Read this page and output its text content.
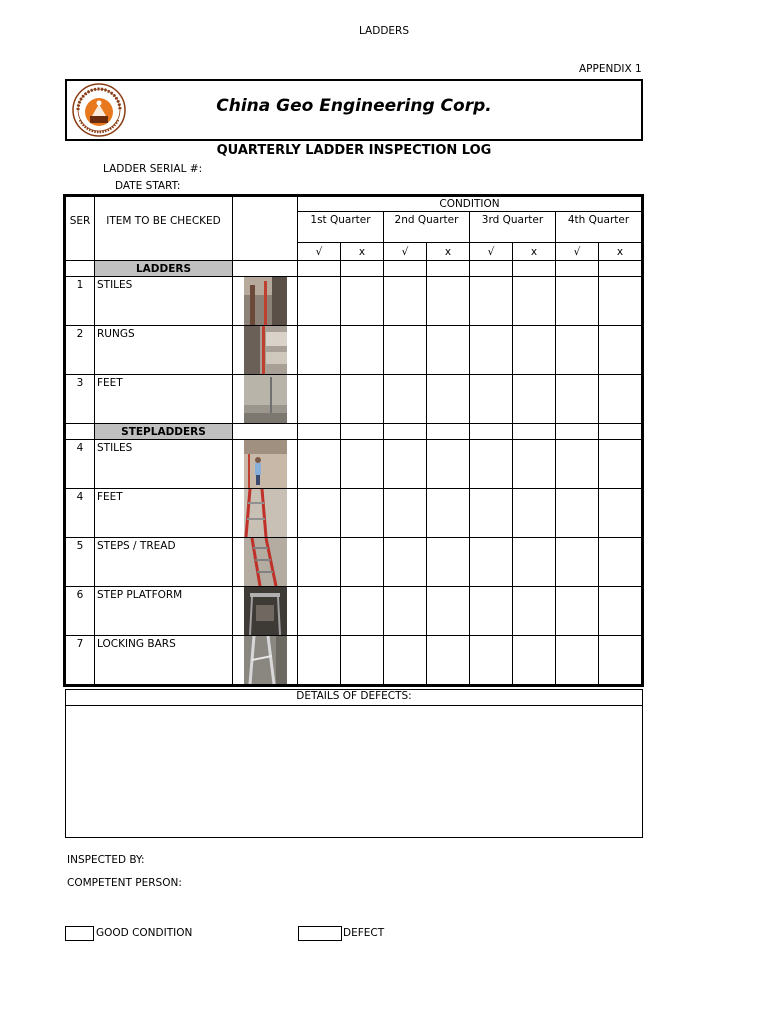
LADDERS
APPENDIX 1
China Geo Engineering Corp.
QUARTERLY LADDER INSPECTION LOG
LADDER SERIAL #:
DATE START:
SER	ITEM TO BE CHECKED		CONDITION							
			1st Quarter		2nd Quarter		3rd Quarter		4th Quarter	
			√	x	√	x	√	x	√	x
	LADDERS									
1	STILES	

2	RUNGS	

3	FEET	

	STEPLADDERS									
4	STILES	

4	FEET	

5	STEPS / TREAD	

6	STEP PLATFORM	

7	LOCKING BARS	

DETAILS OF DEFECTS:
INSPECTED BY:
COMPETENT PERSON:
GOOD CONDITION	DEFECT
